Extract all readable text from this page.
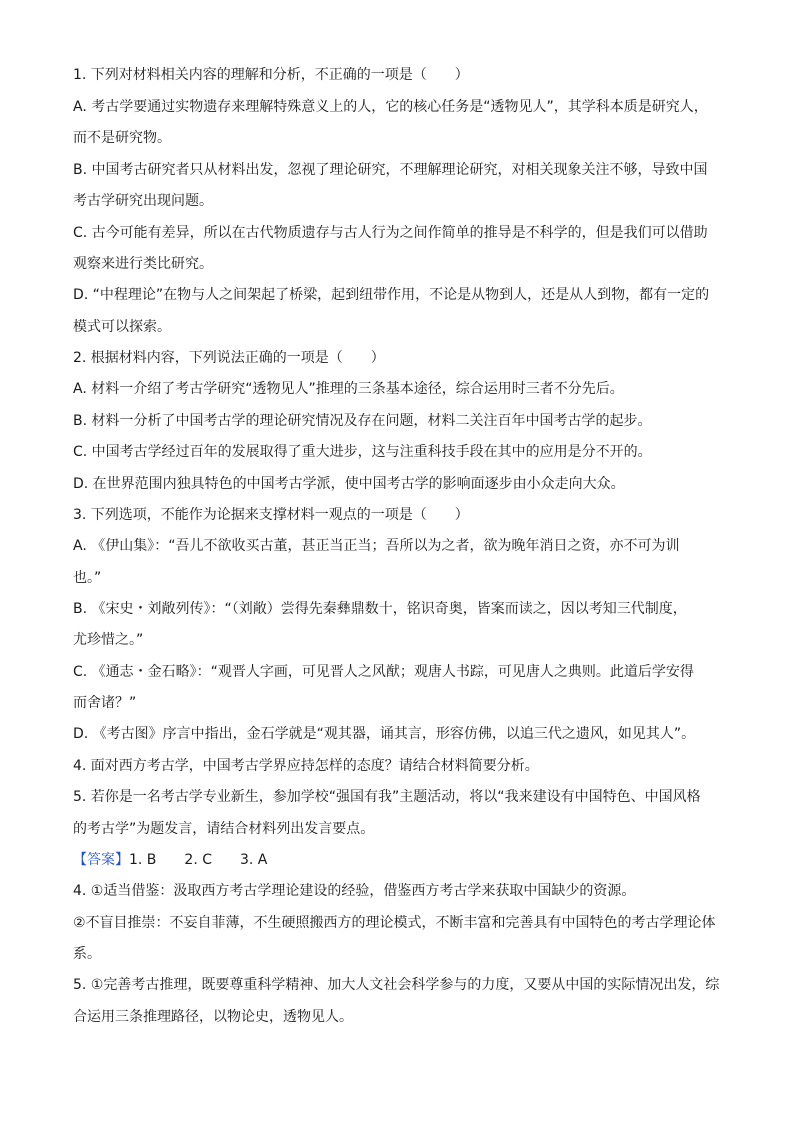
1. 下列对材料相关内容的理解和分析，不正确的一项是（　　）
A. 考古学要通过实物遗存来理解特殊意义上的人，它的核心任务是“透物见人”，其学科本质是研究人，
而不是研究物。
B. 中国考古研究者只从材料出发，忽视了理论研究，不理解理论研究，对相关现象关注不够，导致中国
考古学研究出现问题。
C. 古今可能有差异，所以在古代物质遗存与古人行为之间作简单的推导是不科学的，但是我们可以借助
观察来进行类比研究。
D. “中程理论”在物与人之间架起了桥梁，起到纽带作用，不论是从物到人，还是从人到物，都有一定的
模式可以探索。
2. 根据材料内容，下列说法正确的一项是（　　）
A. 材料一介绍了考古学研究“透物见人”推理的三条基本途径，综合运用时三者不分先后。
B. 材料一分析了中国考古学的理论研究情况及存在问题，材料二关注百年中国考古学的起步。
C. 中国考古学经过百年的发展取得了重大进步，这与注重科技手段在其中的应用是分不开的。
D. 在世界范围内独具特色的中国考古学派，使中国考古学的影响面逐步由小众走向大众。
3. 下列选项，不能作为论据来支撑材料一观点的一项是（　　）
A. 《伊山集》：“吾儿不欲收买古董，甚正当正当；吾所以为之者，欲为晚年消日之资，亦不可为训
也。”
B. 《宋史・刘敞列传》：“（刘敞）尝得先秦彝鼎数十，铭识奇奥，皆案而读之，因以考知三代制度，
尤珍惜之。”
C. 《通志・金石略》：“观晋人字画，可见晋人之风猷；观唐人书踪，可见唐人之典则。此道后学安得
而舍诸？”
D. 《考古图》序言中指出，金石学就是“观其器，诵其言，形容仿佛，以追三代之遗风，如见其人”。
4. 面对西方考古学，中国考古学界应持怎样的态度？请结合材料简要分析。
5. 若你是一名考古学专业新生，参加学校“强国有我”主题活动，将以“我来建设有中国特色、中国风格
的考古学”为题发言，请结合材料列出发言要点。
【答案】1. B　　2. C　　3. A
4. ①适当借鉴：汲取西方考古学理论建设的经验，借鉴西方考古学来获取中国缺少的资源。
②不盲目推崇：不妄自菲薄，不生硬照搬西方的理论模式，不断丰富和完善具有中国特色的考古学理论体
系。
5. ①完善考古推理，既要尊重科学精神、加大人文社会科学参与的力度，又要从中国的实际情况出发，综
合运用三条推理路径，以物论史，透物见人。
